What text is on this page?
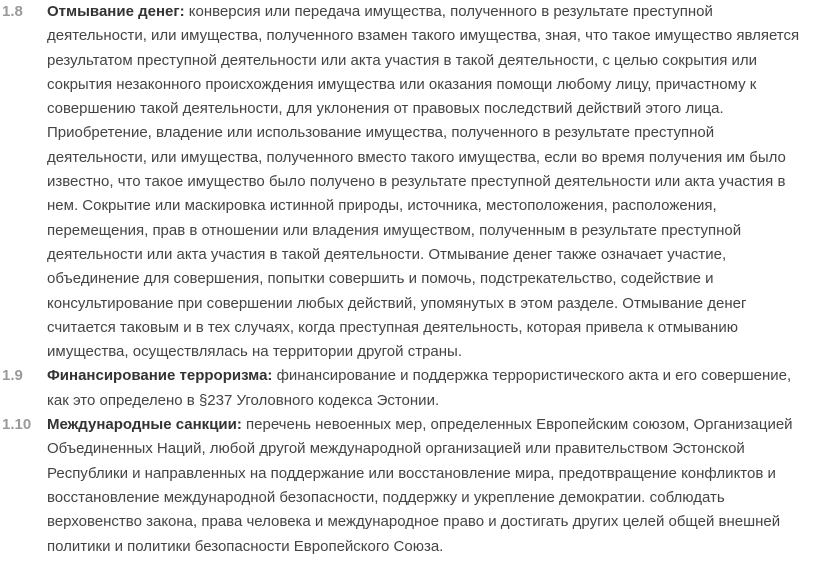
1.8	Отмывание денег: конверсия или передача имущества, полученного в результате преступной деятельности, или имущества, полученного взамен такого имущества, зная, что такое имущество является результатом преступной деятельности или акта участия в такой деятельности, с целью сокрытия или сокрытия незаконного происхождения имущества или оказания помощи любому лицу, причастному к совершению такой деятельности, для уклонения от правовых последствий действий этого лица. Приобретение, владение или использование имущества, полученного в результате преступной деятельности, или имущества, полученного вместо такого имущества, если во время получения им было известно, что такое имущество было получено в результате преступной деятельности или акта участия в нем. Сокрытие или маскировка истинной природы, источника, местоположения, расположения, перемещения, прав в отношении или владения имуществом, полученным в результате преступной деятельности или акта участия в такой деятельности. Отмывание денег также означает участие, объединение для совершения, попытки совершить и помочь, подстрекательство, содействие и консультирование при совершении любых действий, упомянутых в этом разделе. Отмывание денег считается таковым и в тех случаях, когда преступная деятельность, которая привела к отмыванию имущества, осуществлялась на территории другой страны.
1.9	Финансирование терроризма: финансирование и поддержка террористического акта и его совершение, как это определено в §237 Уголовного кодекса Эстонии.
1.10	Международные санкции: перечень невоенных мер, определенных Европейским союзом, Организацией Объединенных Наций, любой другой международной организацией или правительством Эстонской Республики и направленных на поддержание или восстановление мира, предотвращение конфликтов и восстановление международной безопасности, поддержку и укрепление демократии. соблюдать верховенство закона, права человека и международное право и достигать других целей общей внешней политики и политики безопасности Европейского Союза.
